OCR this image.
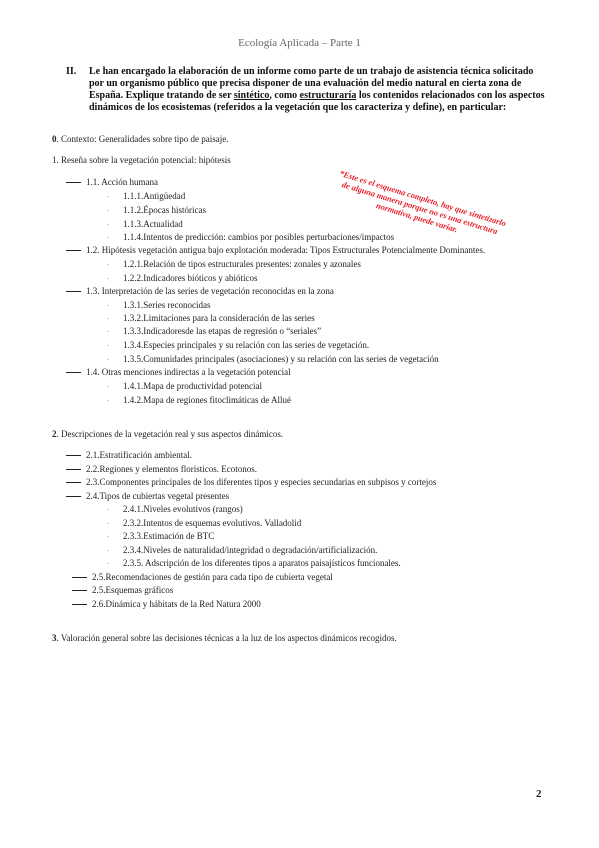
Ecología Aplicada – Parte 1
II. Le han encargado la elaboración de un informe como parte de un trabajo de asistencia técnica solicitado por un organismo público que precisa disponer de una evaluación del medio natural en cierta zona de España. Explique tratando de ser sintético, como estructuraría los contenidos relacionados con los aspectos dinámicos de los ecosistemas (referidos a la vegetación que los caracteriza y define), en particular:
*Este es el esquema completo, hay que sintetizarlo de alguna manera porque no es una estructura normativa, puede variar.
0. Contexto: Generalidades sobre tipo de paisaje.
1. Reseña sobre la vegetación potencial: hipótesis
1.1. Acción humana
· 1.1.1.Antigüedad
· 1.1.2.Épocas históricas
· 1.1.3.Actualidad
· 1.1.4.Intentos de predicción: cambios por posibles perturbaciones/impactos
1.2. Hipótesis vegetación antigua bajo explotación moderada: Tipos Estructurales Potencialmente Dominantes.
· 1.2.1.Relación de tipos estructurales presentes: zonales y azonales
· 1.2.2.Indicadores bióticos y abióticos
1.3. Interpretación de las series de vegetación reconocidas en la zona
· 1.3.1.Series reconocidas
· 1.3.2.Limitaciones para la consideración de las series
· 1.3.3.Indicadoresde las etapas de regresión o “seriales”
· 1.3.4.Especies principales y su relación con las series de vegetación.
· 1.3.5.Comunidades principales (asociaciones) y su relación con las series de vegetación
1.4. Otras menciones indirectas a la vegetación potencial
· 1.4.1.Mapa de productividad potencial
· 1.4.2.Mapa de regiones fitoclimáticas de Allué
2. Descripciones de la vegetación real y sus aspectos dinámicos.
2.1.Estratificación ambiental.
2.2.Regiones y elementos florísticos. Ecotonos.
2.3.Componentes principales de los diferentes tipos y especies secundarias en subpisos y cortejos
2.4.Tipos de cubiertas vegetal presentes
· 2.4.1.Niveles evolutivos (rangos)
· 2.3.2.Intentos de esquemas evolutivos. Valladolid
· 2.3.3.Estimación de BTC
· 2.3.4.Niveles de naturalidad/integridad o degradación/artificialización.
· 2.3.5. Adscripción de los diferentes tipos a aparatos paisajísticos funcionales.
2.5.Recomendaciones de gestión para cada tipo de cubierta vegetal
2.5.Esquemas gráficos
2.6.Dinámica y hábitats de la Red Natura 2000
3. Valoración general sobre las decisiones técnicas a la luz de los aspectos dinámicos recogidos.
2
